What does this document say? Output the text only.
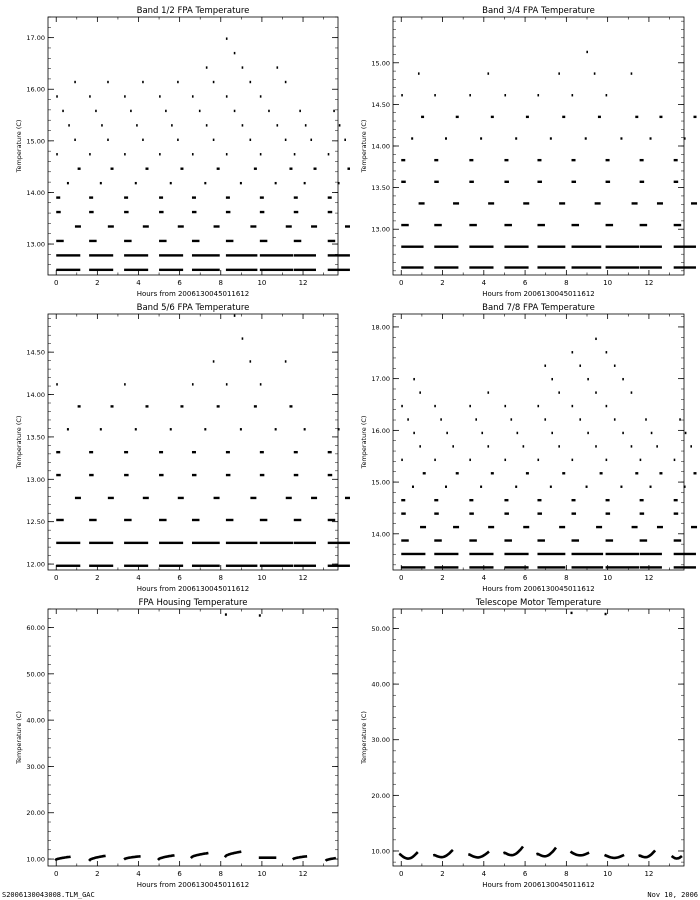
Band 1/2 FPA Temperature
Hours from 2006130045011612
Temperature (C)
0	2	4	6	8	10	12
13.00
14.00
15.00
16.00
17.00
Band 3/4 FPA Temperature
Hours from 2006130045011612
Temperature (C)
0	2	4	6	8	10	12
13.00
13.50
14.00
14.50
15.00
Band 5/6 FPA Temperature
Hours from 2006130045011612
Temperature (C)
0	2	4	6	8	10	12
12.00
12.50
13.00
13.50
14.00
14.50
Band 7/8 FPA Temperature
Hours from 2006130045011612
Temperature (C)
0	2	4	6	8	10	12
14.00
15.00
16.00
17.00
18.00
FPA Housing Temperature
Hours from 2006130045011612
Temperature (C)
0	2	4	6	8	10	12
10.00
20.00
30.00
40.00
50.00
60.00
Telescope Motor Temperature
Hours from 2006130045011612
Temperature (C)
0	2	4	6	8	10	12
10.00
20.00
30.00
40.00
50.00
S2006130043008.TLM_GAC	Nov 10, 2006
